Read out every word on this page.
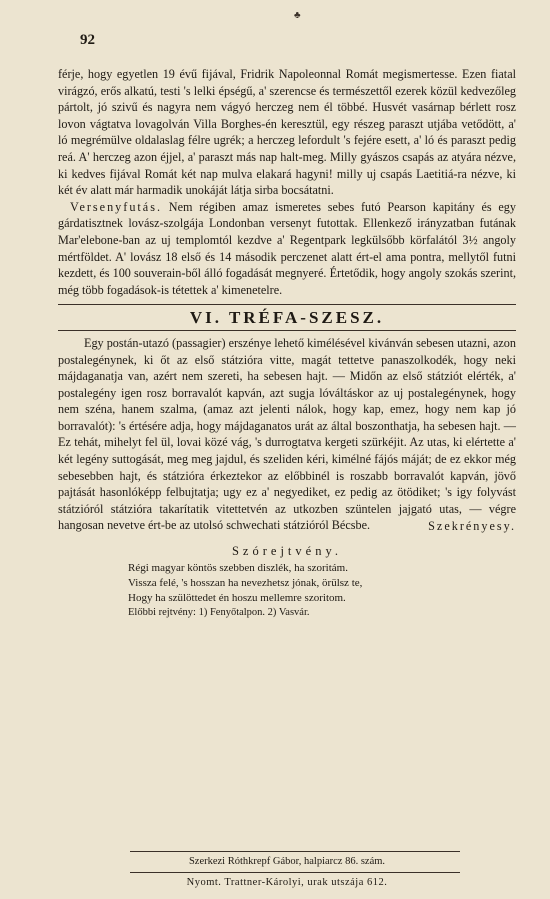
♣
92

férje, hogy egyetlen 19 évű fijával, Fridrik Napoleonnal Romát megismertesse. Ezen fiatal virágzó, erős alkatú, testi 's lelki épségű, a' szerencse és természettől ezerek közül kedvezőleg pártolt, jó szivű és nagyra nem vágyó herczeg nem él többé. Husvét vasárnap bérlett rosz lovon vágtatva lovagolván Villa Borghes-én keresztül, egy részeg paraszt utjába vetődött, a' ló megrémülve oldalaslag félre ugrék; a herczeg lefordult 's fejére esett, a' ló és paraszt pedig reá. A' herczeg azon éjjel, a' paraszt más nap halt-meg. Milly gyászos csapás az atyára nézve, ki kedves fijával Romát két nap mulva elakará hagyni! milly uj csapás Laetitiá-ra nézve, ki két év alatt már harmadik unokáját látja sirba bocsátatni.

Versenyfutás. Nem régiben amaz ismeretes sebes futó Pearson kapitány és egy gárdatisztnek lovász-szolgája Londonban versenyt futottak. Ellenkező irányzatban futának Mar'elebone-ban az uj templomtól kezdve a' Regentpark legkülsőbb körfalától 3½ angoly mértföldet. A' lovász 18 első és 14 második perczenet alatt ért-el ama pontra, mellytől futni kezdett, és 100 souverain-ből álló fogadását megnyeré. Értetődik, hogy angoly szokás szerint, még több fogadások-is tétettek a' kimenetelre.

VI. TRÉFA-SZESZ.

Egy postán-utazó (passagier) erszénye lehető kimélésével kivánván sebesen utazni, azon postalegénynek, ki őt az első státzióra vitte, magát tettetve panaszolkodék, hogy neki májdaganatja van, azért nem szereti, ha sebesen hajt. — Midőn az első státziót elérték, a' postalegény igen rosz borravalót kapván, azt sugja lóváltáskor az uj postalegénynek, hogy nem széna, hanem szalma, (amaz azt jelenti nálok, hogy kap, emez, hogy nem kap jó borravalót): 's értésére adja, hogy májdaganatos urát az által boszonthatja, ha sebesen hajt. — Ez tehát, mihelyt fel ül, lovai közé vág, 's durrogtatva kergeti szürkéjit. Az utas, ki elértette a' két legény suttogását, meg meg jajdul, és szeliden kéri, kimélné fájós máját; de ez ekkor még sebesebben hajt, és státzióra érkeztekor az előbbinél is roszabb borravalót kapván, jövő pajtását hasonlóképp felbujtatja; ugy ez a' negyediket, ez pedig az ötödiket; 's igy folyvást státzióról státzióra takarítatik vitettetvén az utkozben szüntelen jajgató utas, — végre hangosan nevetve ért-be az utolsó schwechati státzióról Bécsbe.	Szekrényesy.

Szórejtvény.
Régi magyar köntös szebben diszlék, ha szoritám.
Vissza felé, 's hosszan ha nevezhetsz jónak, örülsz te,
Hogy ha szülöttedet én hoszu mellemre szoritom.
Előbbi rejtvény: 1) Fenyőtalpon. 2) Vasvár.
Szerkezi Róthkrepf Gábor, halpiarcz 86. szám.
Nyomt. Trattner-Károlyi, urak utszája 612.
